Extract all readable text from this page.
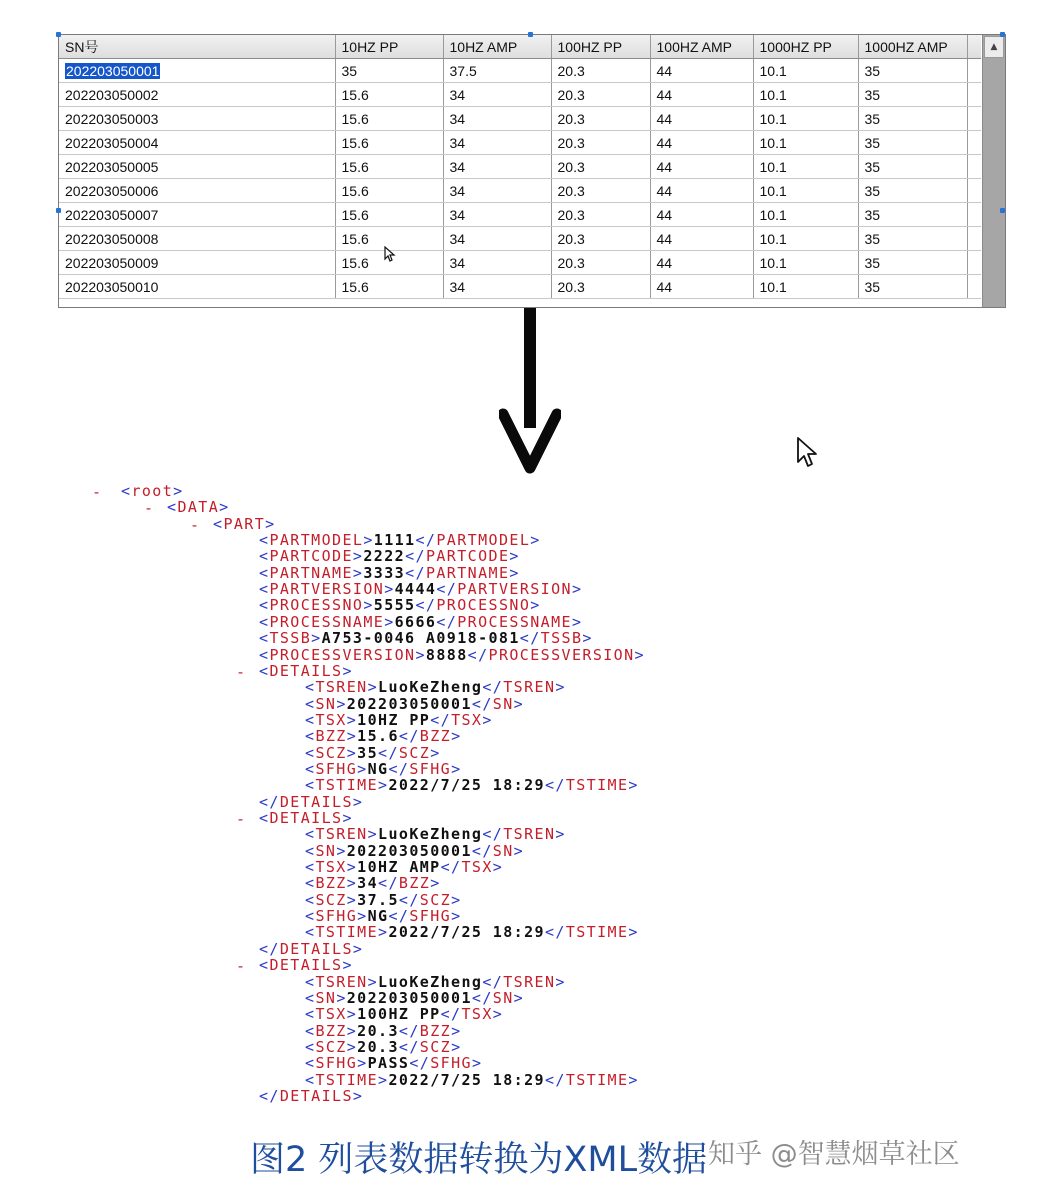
SN号	10HZ PP	10HZ AMP	100HZ PP	100HZ AMP	1000HZ PP	1000HZ AMP	
202203050001	35	37.5	20.3	44	10.1	35	
202203050002	15.6	34	20.3	44	10.1	35	
202203050003	15.6	34	20.3	44	10.1	35	
202203050004	15.6	34	20.3	44	10.1	35	
202203050005	15.6	34	20.3	44	10.1	35	
202203050006	15.6	34	20.3	44	10.1	35	
202203050007	15.6	34	20.3	44	10.1	35	
202203050008	15.6	34	20.3	44	10.1	35	
202203050009	15.6	34	20.3	44	10.1	35	
202203050010	15.6	34	20.3	44	10.1	35	
▲
- <root>
- <DATA>
- <PART>
<PARTMODEL>1111</PARTMODEL>
<PARTCODE>2222</PARTCODE>
<PARTNAME>3333</PARTNAME>
<PARTVERSION>4444</PARTVERSION>
<PROCESSNO>5555</PROCESSNO>
<PROCESSNAME>6666</PROCESSNAME>
<TSSB>A753-0046 A0918-081</TSSB>
<PROCESSVERSION>8888</PROCESSVERSION>
- <DETAILS>
<TSREN>LuoKeZheng</TSREN>
<SN>202203050001</SN>
<TSX>10HZ PP</TSX>
<BZZ>15.6</BZZ>
<SCZ>35</SCZ>
<SFHG>NG</SFHG>
<TSTIME>2022/7/25 18:29</TSTIME>
</DETAILS>
- <DETAILS>
<TSREN>LuoKeZheng</TSREN>
<SN>202203050001</SN>
<TSX>10HZ AMP</TSX>
<BZZ>34</BZZ>
<SCZ>37.5</SCZ>
<SFHG>NG</SFHG>
<TSTIME>2022/7/25 18:29</TSTIME>
</DETAILS>
- <DETAILS>
<TSREN>LuoKeZheng</TSREN>
<SN>202203050001</SN>
<TSX>100HZ PP</TSX>
<BZZ>20.3</BZZ>
<SCZ>20.3</SCZ>
<SFHG>PASS</SFHG>
<TSTIME>2022/7/25 18:29</TSTIME>
</DETAILS>
图2 列表数据转换为XML数据 知乎 @智慧烟草社区
